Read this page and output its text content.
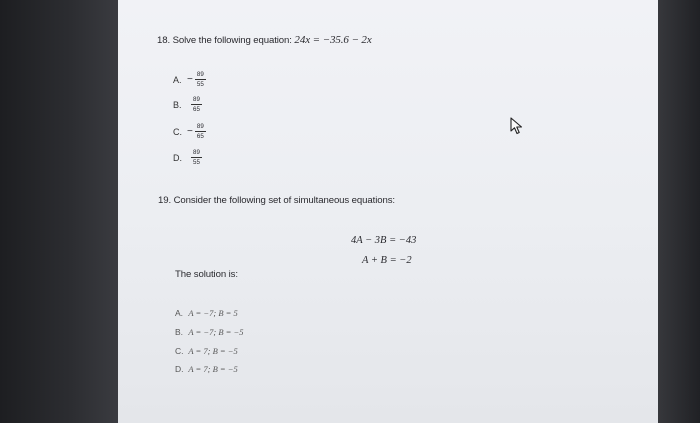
18. Solve the following equation: 24x = −35.6 − 2x
A. − $\frac{89}{55}$
B.	$\frac{89}{65}$
C. − $\frac{89}{65}$
D.	$\frac{89}{55}$
19. Consider the following set of simultaneous equations:
4A − 3B = −43
A + B = −2
The solution is:
A. A = −7; B = 5
B. A = −7; B = −5
C. A = 7; B = −5
D. A = 7; B = −5
